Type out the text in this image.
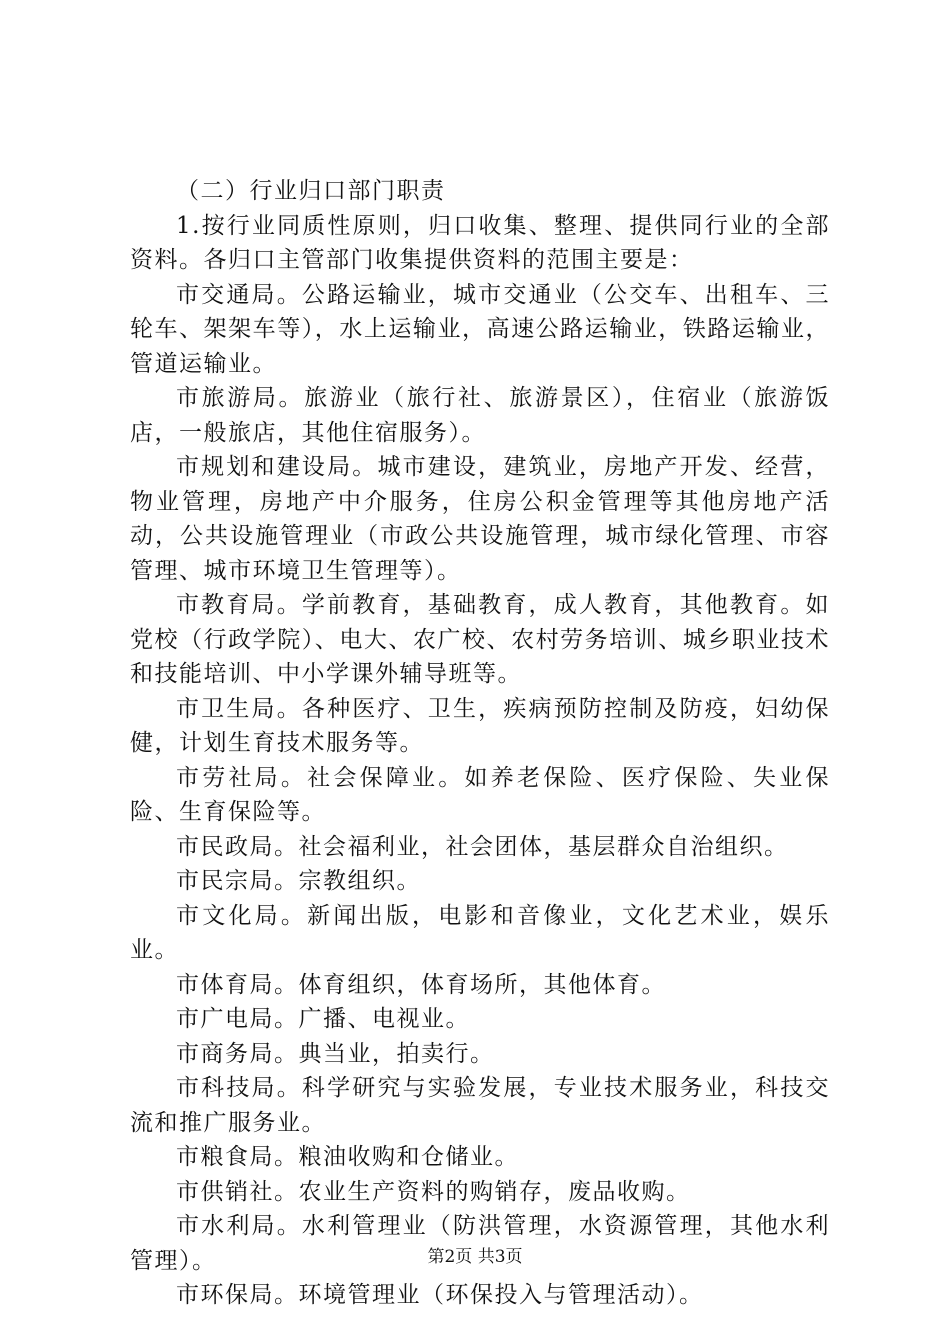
（二）行业归口部门职责

1.按行业同质性原则，归口收集、整理、提供同行业的全部资料。各归口主管部门收集提供资料的范围主要是：

市交通局。公路运输业，城市交通业（公交车、出租车、三轮车、架架车等），水上运输业，高速公路运输业，铁路运输业，管道运输业。

市旅游局。旅游业（旅行社、旅游景区），住宿业（旅游饭店，一般旅店，其他住宿服务）。

市规划和建设局。城市建设，建筑业，房地产开发、经营，物业管理，房地产中介服务，住房公积金管理等其他房地产活动，公共设施管理业（市政公共设施管理，城市绿化管理、市容管理、城市环境卫生管理等）。

市教育局。学前教育，基础教育，成人教育，其他教育。如党校（行政学院）、电大、农广校、农村劳务培训、城乡职业技术和技能培训、中小学课外辅导班等。

市卫生局。各种医疗、卫生，疾病预防控制及防疫，妇幼保健，计划生育技术服务等。

市劳社局。社会保障业。如养老保险、医疗保险、失业保险、生育保险等。

市民政局。社会福利业，社会团体，基层群众自治组织。

市民宗局。宗教组织。

市文化局。新闻出版，电影和音像业，文化艺术业，娱乐业。

市体育局。体育组织，体育场所，其他体育。

市广电局。广播、电视业。

市商务局。典当业，拍卖行。

市科技局。科学研究与实验发展，专业技术服务业，科技交流和推广服务业。

市粮食局。粮油收购和仓储业。

市供销社。农业生产资料的购销存，废品收购。

市水利局。水利管理业（防洪管理，水资源管理，其他水利管理）。

市环保局。环境管理业（环保投入与管理活动）。

第2页 共3页
